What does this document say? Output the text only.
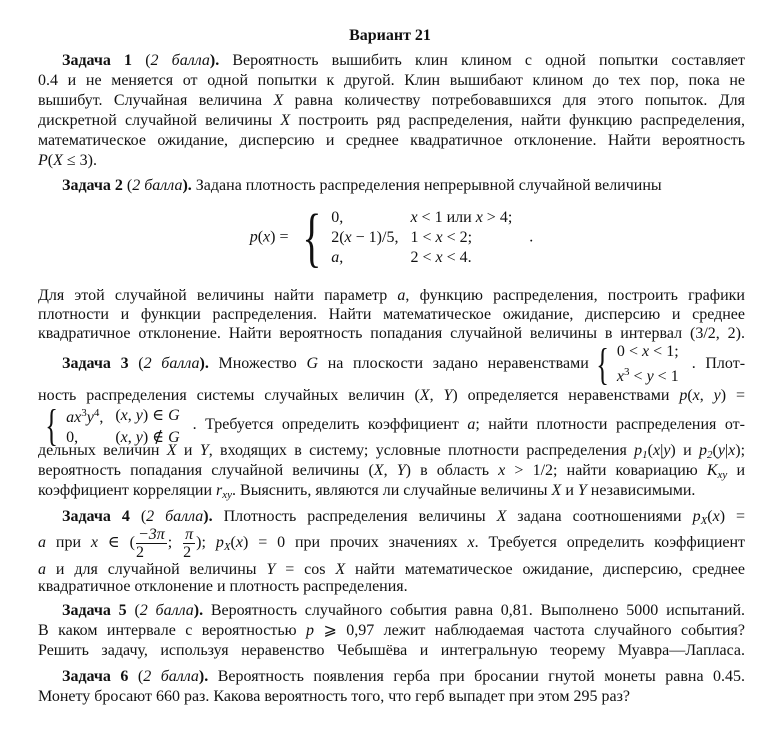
Вариант 21
Задача 1 (2 балла). Вероятность вышибить клин клином с одной попытки составляет
0.4 и не меняется от одной попытки к другой. Клин вышибают клином до тех пор, пока не
вышибут. Случайная величина X равна количеству потребовавшихся для этого попыток. Для
дискретной случайной величины X построить ряд распределения, найти функцию распределения,
математическое ожидание, дисперсию и среднее квадратичное отклонение. Найти вероятность
P(X ≤ 3).
Задача 2 (2 балла). Задана плотность распределения непрерывной случайной величины
p(x) = { 0,	x < 1 или x > 4;
2(x − 1)/5,	1 < x < 2;
a,	2 < x < 4.
.
Для этой случайной величины найти параметр a, функцию распределения, построить графики
плотности и функции распределения. Найти математическое ожидание, дисперсию и среднее
квадратичное отклонение. Найти вероятность попадания случайной величины в интервал (3/2, 2).
Задача 3 (2 балла). Множество G на плоскости задано неравенствами { 0 < x < 1;
$x^3 < y < 1$
. Плот-
ность распределения системы случайных величин (X, Y) определяется неравенствами p(x, y) =
{ $ax^3y^4$,	(x, y) ∈ G
0,	(x, y) ∉ G
. Требуется определить коэффициент a; найти плотности распределения от-
дельных величин X и Y, входящих в систему; условные плотности распределения p1(x|y) и p2(y|x);
вероятность попадания случайной величины (X, Y) в область x > 1/2; найти ковариацию Kxy и
коэффициент корреляции rxy. Выяснить, являются ли случайные величины X и Y независимыми.
Задача 4 (2 балла). Плотность распределения величины X задана соотношениями pX(x) =
a при x ∈ ( $\frac{-3\pi}{2}$ ; $\frac{\pi}{2}$ ); pX(x) = 0 при прочих значениях x. Требуется определить коэффициент
a и для случайной величины Y = cos X найти математическое ожидание, дисперсию, среднее
квадратичное отклонение и плотность распределения.
Задача 5 (2 балла). Вероятность случайного события равна 0,81. Выполнено 5000 испытаний.
В каком интервале с вероятностью p ⩾ 0,97 лежит наблюдаемая частота случайного события?
Решить задачу, используя неравенство Чебышёва и интегральную теорему Муавра—Лапласа.
Задача 6 (2 балла). Вероятность появления герба при бросании гнутой монеты равна 0.45.
Монету бросают 660 раз. Какова вероятность того, что герб выпадет при этом 295 раз?
